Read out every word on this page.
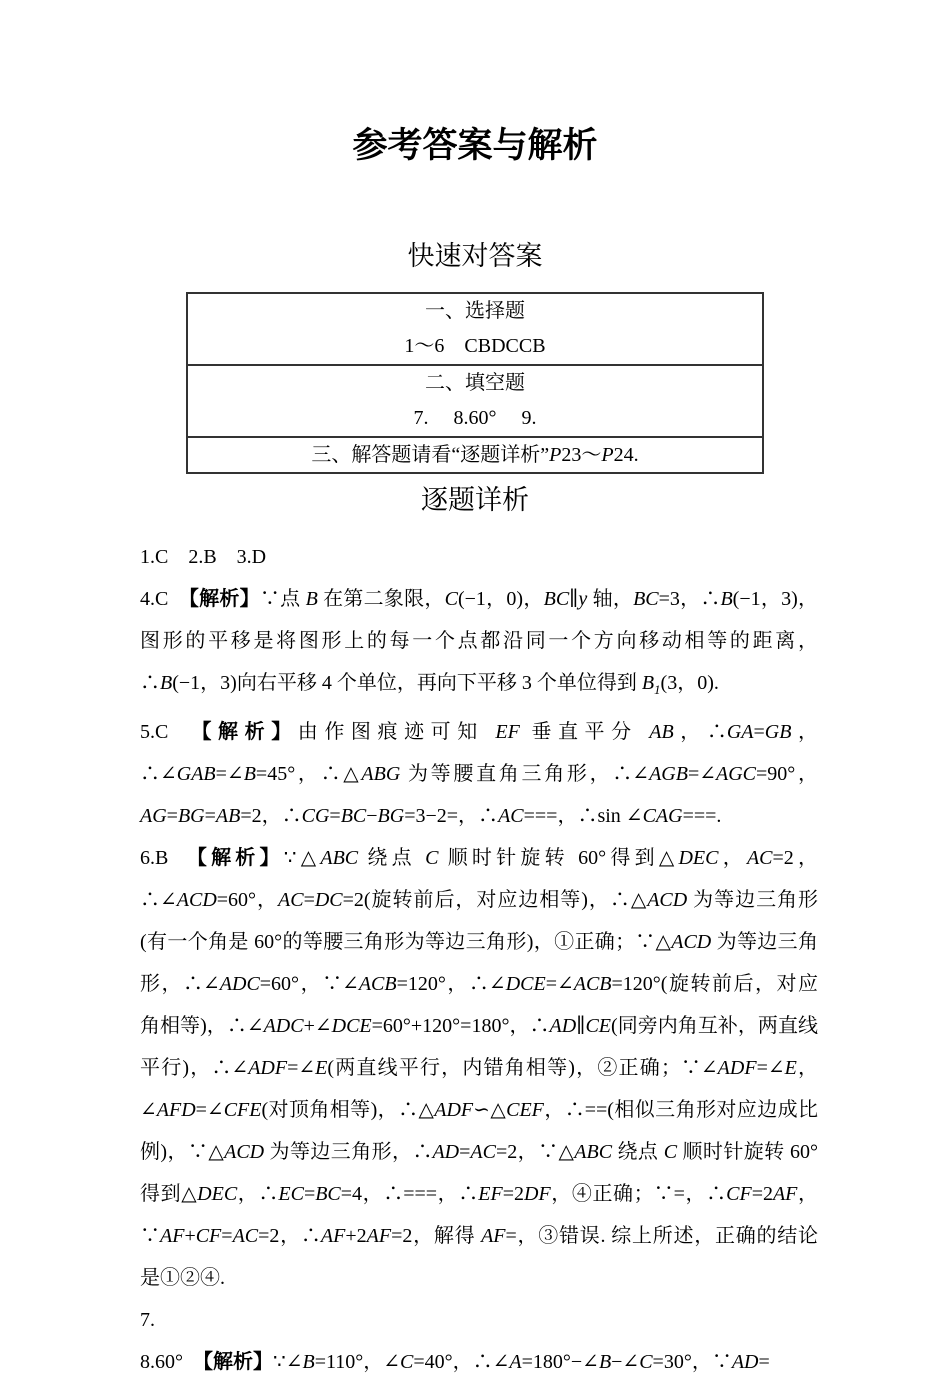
参考答案与解析
快速对答案
一、选择题
1～6　CBDCCB
二、填空题
7.　 8.60°　 9.
三、解答题请看“逐题详析”P23～P24.
逐题详析

1.C　2.B　3.D

4.C　【解析】∵点 B 在第二象限，C(−1，0)，BC∥y 轴，BC=3，∴B(−1，3)，图形的平移是将图形上的每一个点都沿同一个方向移动相等的距离，∴B(−1，3)向右平移 4 个单位，再向下平移 3 个单位得到 $B_1(3$，0).

5.C　【解析】由作图痕迹可知 EF 垂直平分 AB，∴GA=GB，∴∠GAB=∠B=45°，∴△ABG 为等腰直角三角形，∴∠AGB=∠AGC=90°，AG=BG=AB=2，∴CG=BC−BG=3−2=，∴AC===，∴sin ∠CAG===.

6.B　【解析】∵△ABC 绕点 C 顺时针旋转 60°得到△DEC，AC=2，∴∠ACD=60°，AC=DC=2(旋转前后，对应边相等)，∴△ACD 为等边三角形(有一个角是 60°的等腰三角形为等边三角形)，①正确；∵△ACD 为等边三角形，∴∠ADC=60°，∵∠ACB=120°，∴∠DCE=∠ACB=120°(旋转前后，对应角相等)，∴∠ADC+∠DCE=60°+120°=180°，∴AD∥CE(同旁内角互补，两直线平行)，∴∠ADF=∠E(两直线平行，内错角相等)，②正确；∵∠ADF=∠E，∠AFD=∠CFE(对顶角相等)，∴△ADF∽△CEF，∴==(相似三角形对应边成比例)，∵△ACD 为等边三角形，∴AD=AC=2，∵△ABC 绕点 C 顺时针旋转 60°得到△DEC，∴EC=BC=4，∴===，∴EF=2DF，④正确；∵=，∴CF=2AF，∵AF+CF=AC=2，∴AF+2AF=2，解得 AF=，③错误. 综上所述，正确的结论是①②④.

7.

8.60°　【解析】∵∠B=110°，∠C=40°，∴∠A=180°−∠B−∠C=30°，∵AD=
